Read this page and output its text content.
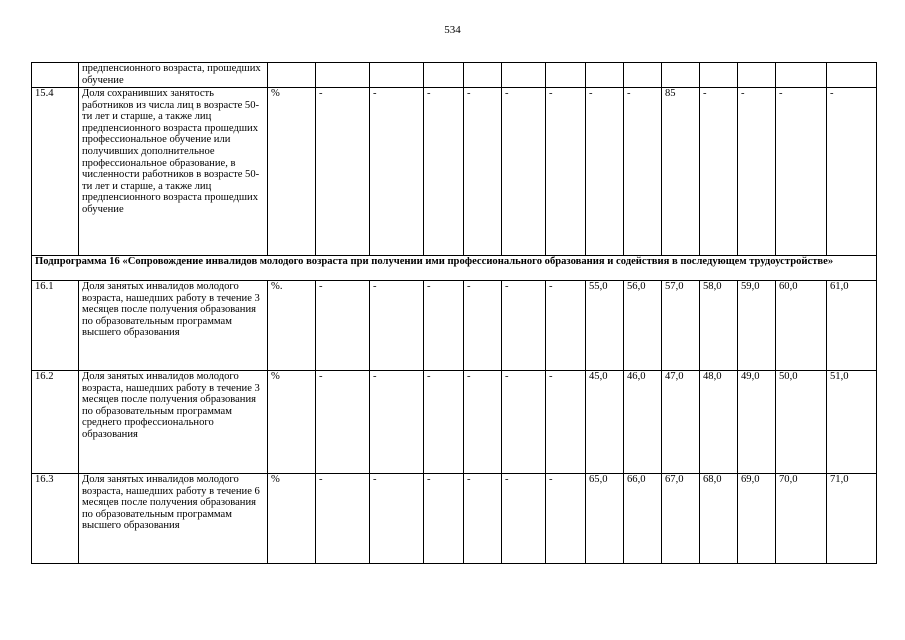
534
	предпенсионного возраста, прошедших обучение														
15.4	Доля сохранивших занятость работников из числа лиц в возрасте 50-ти лет и старше, а также лиц предпенсионного возраста прошедших профессиональное обучение или получивших дополнительное профессиональное образование, в численности работников в возрасте 50-ти лет и старше, а также лиц предпенсионного возраста прошедших обучение	%	-	-	-	-	-	-	-	-	85	-	-	-	-
Подпрограмма 16 «Сопровождение инвалидов молодого возраста при получении ими профессионального образования и содействия в последующем трудоустройстве»															
16.1	Доля занятых инвалидов молодого возраста, нашедших работу в течение 3 месяцев после получения образования по образовательным программам высшего образования	%.	-	-	-	-	-	-	55,0	56,0	57,0	58,0	59,0	60,0	61,0
16.2	Доля занятых инвалидов молодого возраста, нашедших работу в течение 3 месяцев после получения образования по образовательным программам среднего профессионального образования	%	-	-	-	-	-	-	45,0	46,0	47,0	48,0	49,0	50,0	51,0
16.3	Доля занятых инвалидов молодого возраста, нашедших работу в течение 6 месяцев после получения образования по образовательным программам высшего образования	%	-	-	-	-	-	-	65,0	66,0	67,0	68,0	69,0	70,0	71,0
